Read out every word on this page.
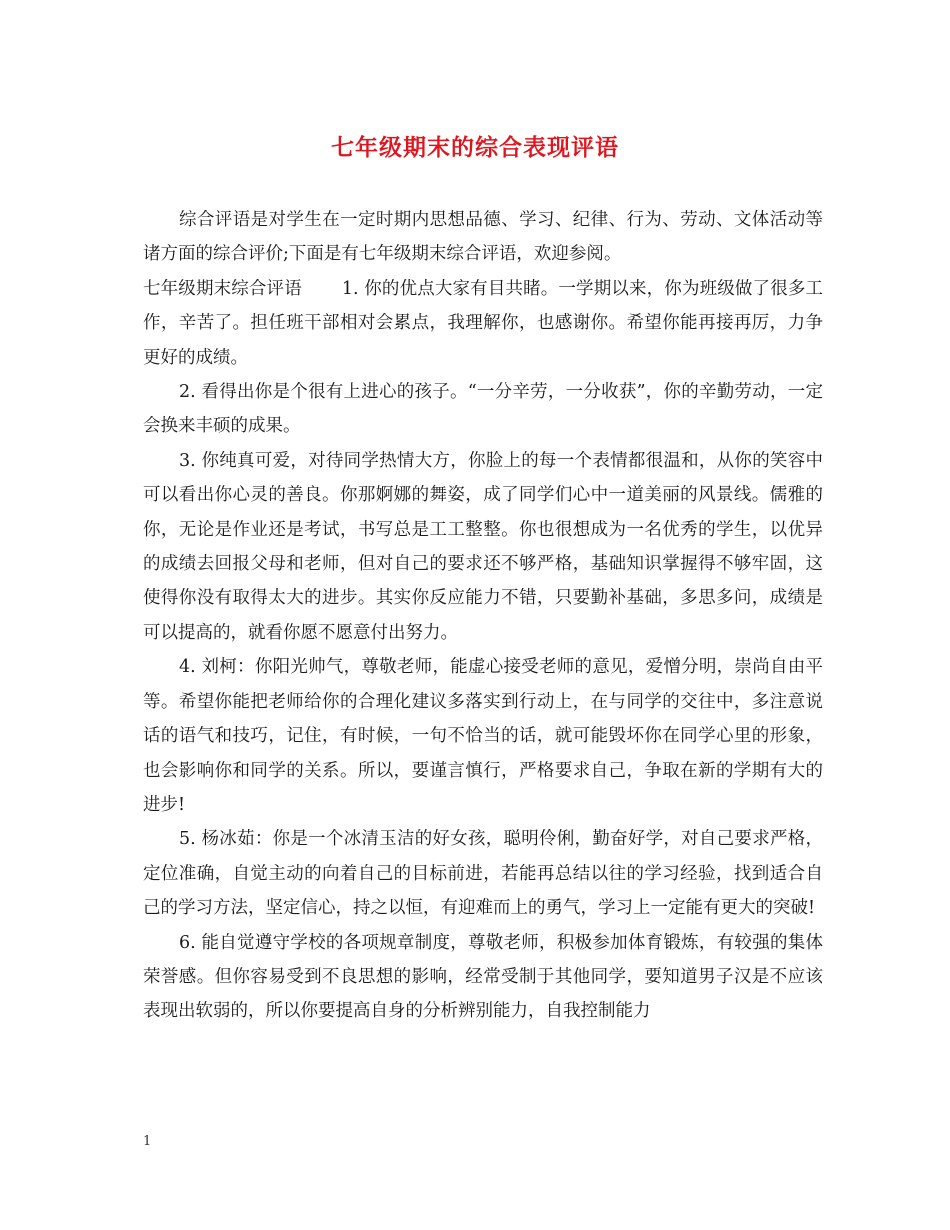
七年级期末的综合表现评语

综合评语是对学生在一定时期内思想品德、学习、纪律、行为、劳动、文体活动等诸方面的综合评价;下面是有七年级期末综合评语，欢迎参阅。

七年级期末综合评语 1. 你的优点大家有目共睹。一学期以来，你为班级做了很多工作，辛苦了。担任班干部相对会累点，我理解你，也感谢你。希望你能再接再厉，力争更好的成绩。

2. 看得出你是个很有上进心的孩子。“一分辛劳，一分收获”，你的辛勤劳动，一定会换来丰硕的成果。

3. 你纯真可爱，对待同学热情大方，你脸上的每一个表情都很温和，从你的笑容中可以看出你心灵的善良。你那婀娜的舞姿，成了同学们心中一道美丽的风景线。儒雅的你，无论是作业还是考试，书写总是工工整整。你也很想成为一名优秀的学生，以优异的成绩去回报父母和老师，但对自己的要求还不够严格，基础知识掌握得不够牢固，这使得你没有取得太大的进步。其实你反应能力不错，只要勤补基础，多思多问，成绩是可以提高的，就看你愿不愿意付出努力。

4. 刘柯：你阳光帅气，尊敬老师，能虚心接受老师的意见，爱憎分明，崇尚自由平等。希望你能把老师给你的合理化建议多落实到行动上，在与同学的交往中，多注意说话的语气和技巧，记住，有时候，一句不恰当的话，就可能毁坏你在同学心里的形象，也会影响你和同学的关系。所以，要谨言慎行，严格要求自己，争取在新的学期有大的进步!

5. 杨冰茹：你是一个冰清玉洁的好女孩，聪明伶俐，勤奋好学，对自己要求严格，定位准确，自觉主动的向着自己的目标前进，若能再总结以往的学习经验，找到适合自己的学习方法，坚定信心，持之以恒，有迎难而上的勇气，学习上一定能有更大的突破!

6. 能自觉遵守学校的各项规章制度，尊敬老师，积极参加体育锻炼，有较强的集体荣誉感。但你容易受到不良思想的影响，经常受制于其他同学，要知道男子汉是不应该表现出软弱的，所以你要提高自身的分析辨别能力，自我控制能力

1
